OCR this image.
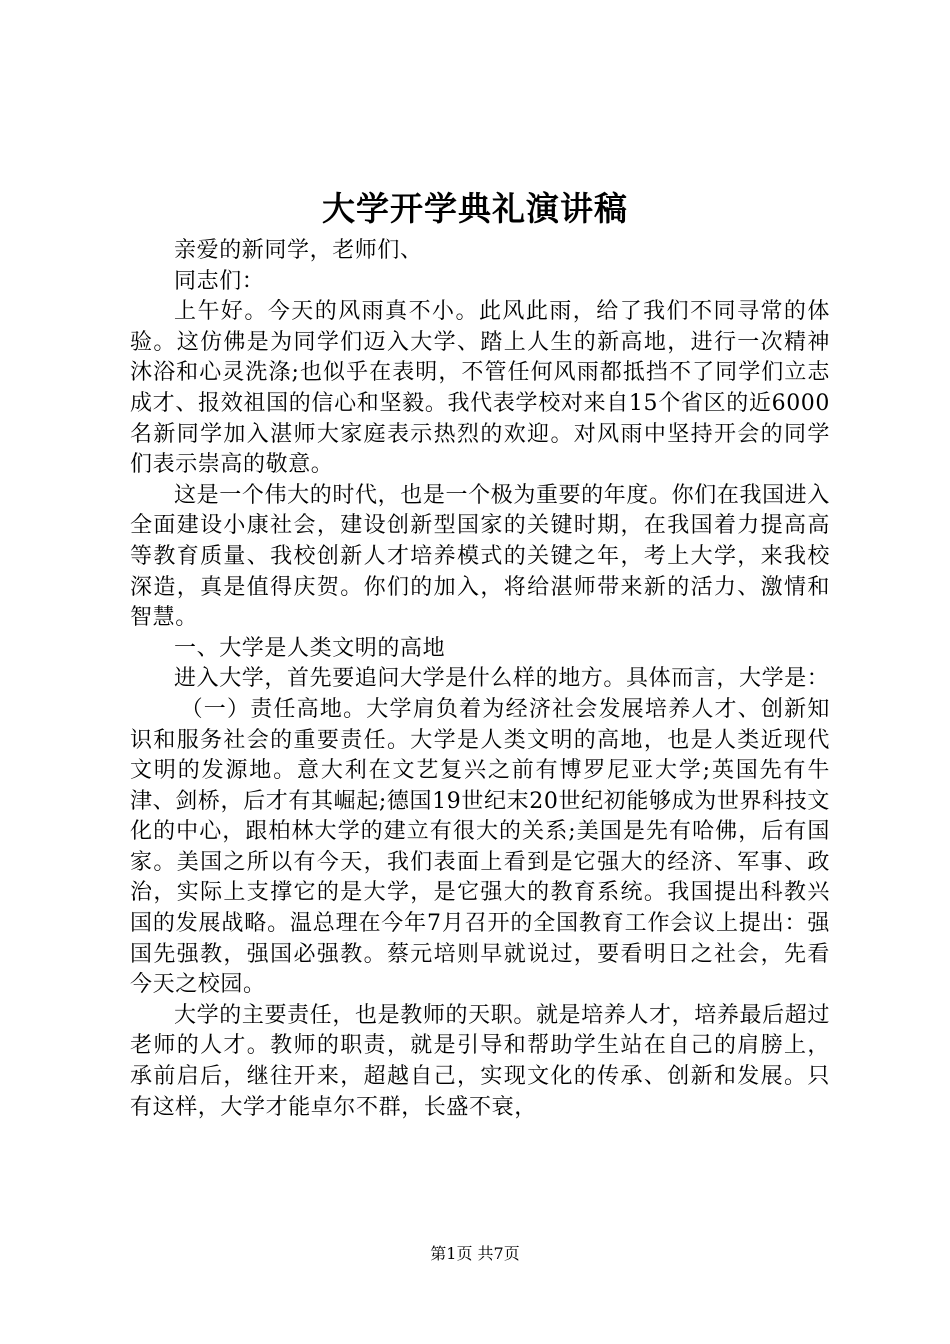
大学开学典礼演讲稿

亲爱的新同学，老师们、

同志们：

上午好。今天的风雨真不小。此风此雨，给了我们不同寻常的体验。这仿佛是为同学们迈入大学、踏上人生的新高地，进行一次精神沐浴和心灵洗涤;也似乎在表明，不管任何风雨都抵挡不了同学们立志成才、报效祖国的信心和坚毅。我代表学校对来自15个省区的近6000名新同学加入湛师大家庭表示热烈的欢迎。对风雨中坚持开会的同学们表示崇高的敬意。

这是一个伟大的时代，也是一个极为重要的年度。你们在我国进入全面建设小康社会，建设创新型国家的关键时期，在我国着力提高高等教育质量、我校创新人才培养模式的关键之年，考上大学，来我校深造，真是值得庆贺。你们的加入，将给湛师带来新的活力、激情和智慧。

一、大学是人类文明的高地

进入大学，首先要追问大学是什么样的地方。具体而言，大学是：

（一）责任高地。大学肩负着为经济社会发展培养人才、创新知识和服务社会的重要责任。大学是人类文明的高地，也是人类近现代文明的发源地。意大利在文艺复兴之前有博罗尼亚大学;英国先有牛津、剑桥，后才有其崛起;德国19世纪末20世纪初能够成为世界科技文化的中心，跟柏林大学的建立有很大的关系;美国是先有哈佛，后有国家。美国之所以有今天，我们表面上看到是它强大的经济、军事、政治，实际上支撑它的是大学，是它强大的教育系统。我国提出科教兴国的发展战略。温总理在今年7月召开的全国教育工作会议上提出：强国先强教，强国必强教。蔡元培则早就说过，要看明日之社会，先看今天之校园。

大学的主要责任，也是教师的天职。就是培养人才，培养最后超过老师的人才。教师的职责，就是引导和帮助学生站在自己的肩膀上，承前启后，继往开来，超越自己，实现文化的传承、创新和发展。只有这样，大学才能卓尔不群，长盛不衰，

第1页 共7页
